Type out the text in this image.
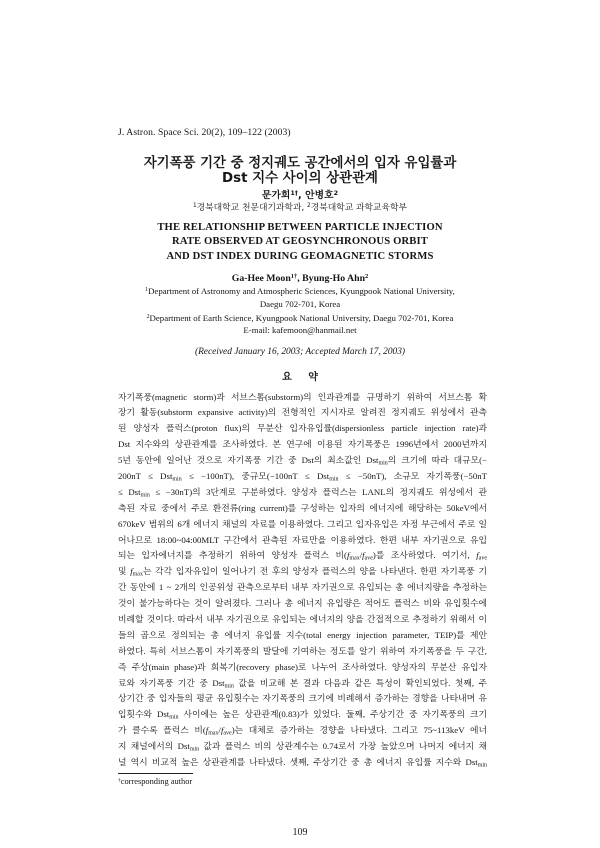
J. Astron. Space Sci. 20(2), 109–122 (2003)
자기폭풍 기간 중 정지궤도 공간에서의 입자 유입률과
Dst 지수 사이의 상관관계
문가희$^{1\dagger}$, 안병호$^2$
$^1$경북대학교 천문대기과학과, $^2$경북대학교 과학교육학부
THE RELATIONSHIP BETWEEN PARTICLE INJECTION
RATE OBSERVED AT GEOSYNCHRONOUS ORBIT
AND DST INDEX DURING GEOMAGNETIC STORMS
Ga-Hee Moon$^{1\dagger}$, Byung-Ho Ahn$^2$
$^1$Department of Astronomy and Atmospheric Sciences, Kyungpook National University,
Daegu 702-701, Korea
$^2$Department of Earth Science, Kyungpook National University, Daegu 702-701, Korea
E-mail: kafemoon@hanmail.net
(Received January 16, 2003; Accepted March 17, 2003)
요 약
자기폭풍(magnetic storm)과 서브스톰(substorm)의 인과관계를 규명하기 위하여 서브스톰 확
장기 활동(substorm expansive activity)의 전형적인 지시자로 알려진 정지궤도 위성에서 관측
된 양성자 플럭스(proton flux)의 무분산 입자유입률(dispersionless particle injection rate)과
Dst 지수와의 상관관계를 조사하였다. 본 연구에 이용된 자기폭풍은 1996년에서 2000년까지
5년 동안에 일어난 것으로 자기폭풍 기간 중 Dst의 최소값인 Dst$_{min}$의 크기에 따라 대규모(−
200nT ≤ Dst$_{min}$ ≤ −100nT), 중규모(−100nT ≤ Dst$_{min}$ ≤ −50nT), 소규모 자기폭풍(−50nT
≤ Dst$_{min}$ ≤ −30nT)의 3단계로 구분하였다. 양성자 플럭스는 LANL의 정지궤도 위성에서 관
측된 자료 중에서 주로 환전류(ring current)를 구성하는 입자의 에너지에 해당하는 50keV에서
670keV 범위의 6개 에너지 채널의 자료를 이용하였다. 그리고 입자유입은 자정 부근에서 주로 일
어나므로 18:00~04:00MLT 구간에서 관측된 자료만을 이용하였다. 한편 내부 자기권으로 유입
되는 입자에너지를 추정하기 위하여 양성자 플럭스 비$(f_{max}/f_{ave})$를 조사하였다. 여기서, $f_{ave}$
및 $f_{max}$는 각각 입자유입이 일어나기 전 후의 양성자 플럭스의 양을 나타낸다. 한편 자기폭풍 기
간 동안에 1 ~ 2개의 인공위성 관측으로부터 내부 자기권으로 유입되는 총 에너지량을 추정하는
것이 불가능하다는 것이 알려졌다. 그러나 총 에너지 유입량은 적어도 플럭스 비와 유입횟수에
비례할 것이다. 따라서 내부 자기권으로 유입되는 에너지의 양을 간접적으로 추정하기 위해서 이
들의 곱으로 정의되는 총 에너지 유입률 지수(total energy injection parameter, TEIP)를 제안
하였다. 특히 서브스톰이 자기폭풍의 발달에 기여하는 정도를 알기 위하여 자기폭풍을 두 구간,
즉 주상(main phase)과 회복기(recovery phase)로 나누어 조사하였다. 양성자의 무분산 유입자
료와 자기폭풍 기간 중 Dst$_{min}$ 값을 비교해 본 결과 다음과 같은 특성이 확인되었다. 첫째, 주
상기간 중 입자들의 평균 유입횟수는 자기폭풍의 크기에 비례해서 증가하는 경향을 나타내며 유
입횟수와 Dst$_{min}$ 사이에는 높은 상관관계(0.83)가 있었다. 둘째, 주상기간 중 자기폭풍의 크기
가 클수록 플럭스 비$(f_{max}/f_{ave})$는 대체로 증가하는 경향을 나타냈다. 그리고 75~113keV 에너
지 채널에서의 Dst$_{min}$ 값과 플럭스 비의 상관계수는 0.74로서 가장 높았으며 나머지 에너지 채
널 역시 비교적 높은 상관관계를 나타냈다. 셋째, 주상기간 중 총 에너지 유입률 지수와 Dst$_{min}$
†corresponding author
109
